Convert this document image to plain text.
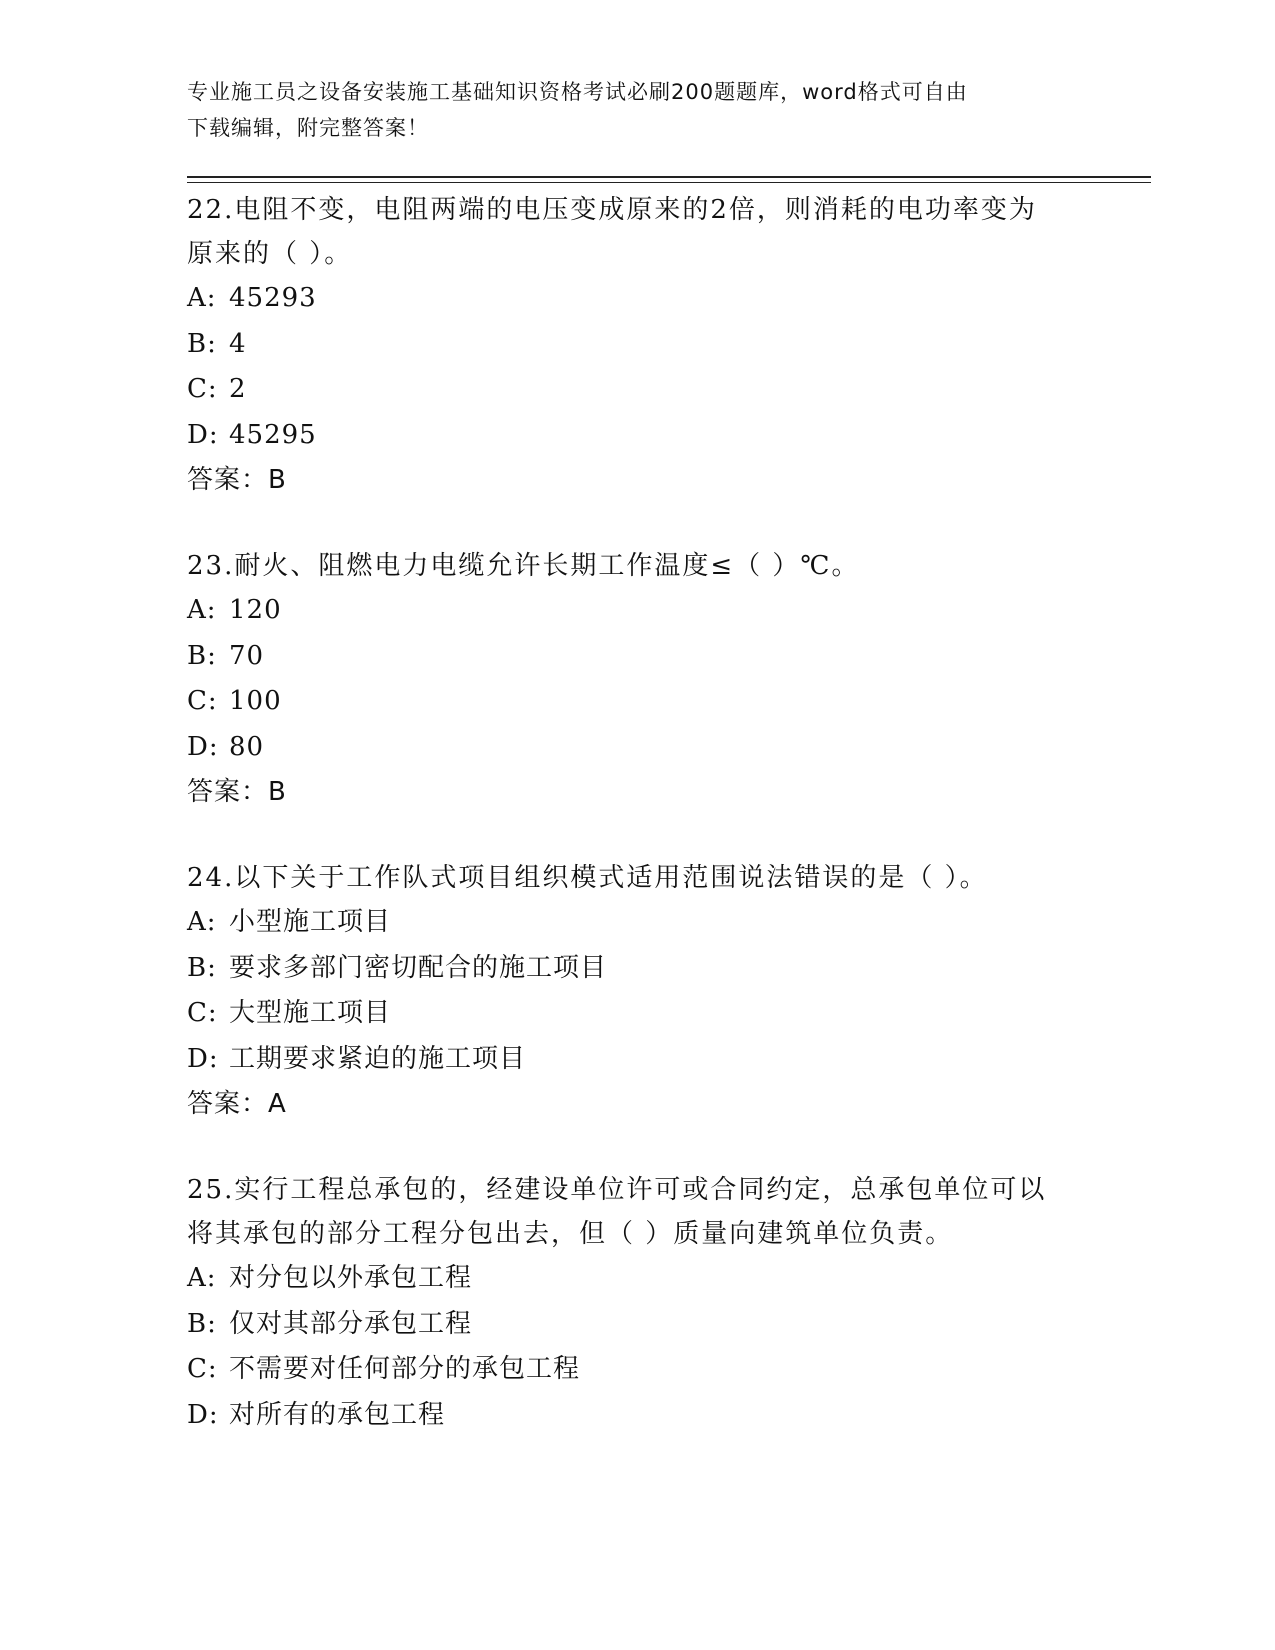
专业施工员之设备安装施工基础知识资格考试必刷200题题库，word格式可自由
下载编辑，附完整答案！

22.电阻不变，电阻两端的电压变成原来的2倍，则消耗的电功率变为
原来的（ ）。

A: 45293

B: 4

C: 2

D: 45295

答案：B

23.耐火、阻燃电力电缆允许长期工作温度≤（ ）℃。

A: 120

B: 70

C: 100

D: 80

答案：B

24.以下关于工作队式项目组织模式适用范围说法错误的是（ ）。

A: 小型施工项目

B: 要求多部门密切配合的施工项目

C: 大型施工项目

D: 工期要求紧迫的施工项目

答案：A

25.实行工程总承包的，经建设单位许可或合同约定，总承包单位可以
将其承包的部分工程分包出去，但（ ）质量向建筑单位负责。

A: 对分包以外承包工程

B: 仅对其部分承包工程

C: 不需要对任何部分的承包工程

D: 对所有的承包工程
